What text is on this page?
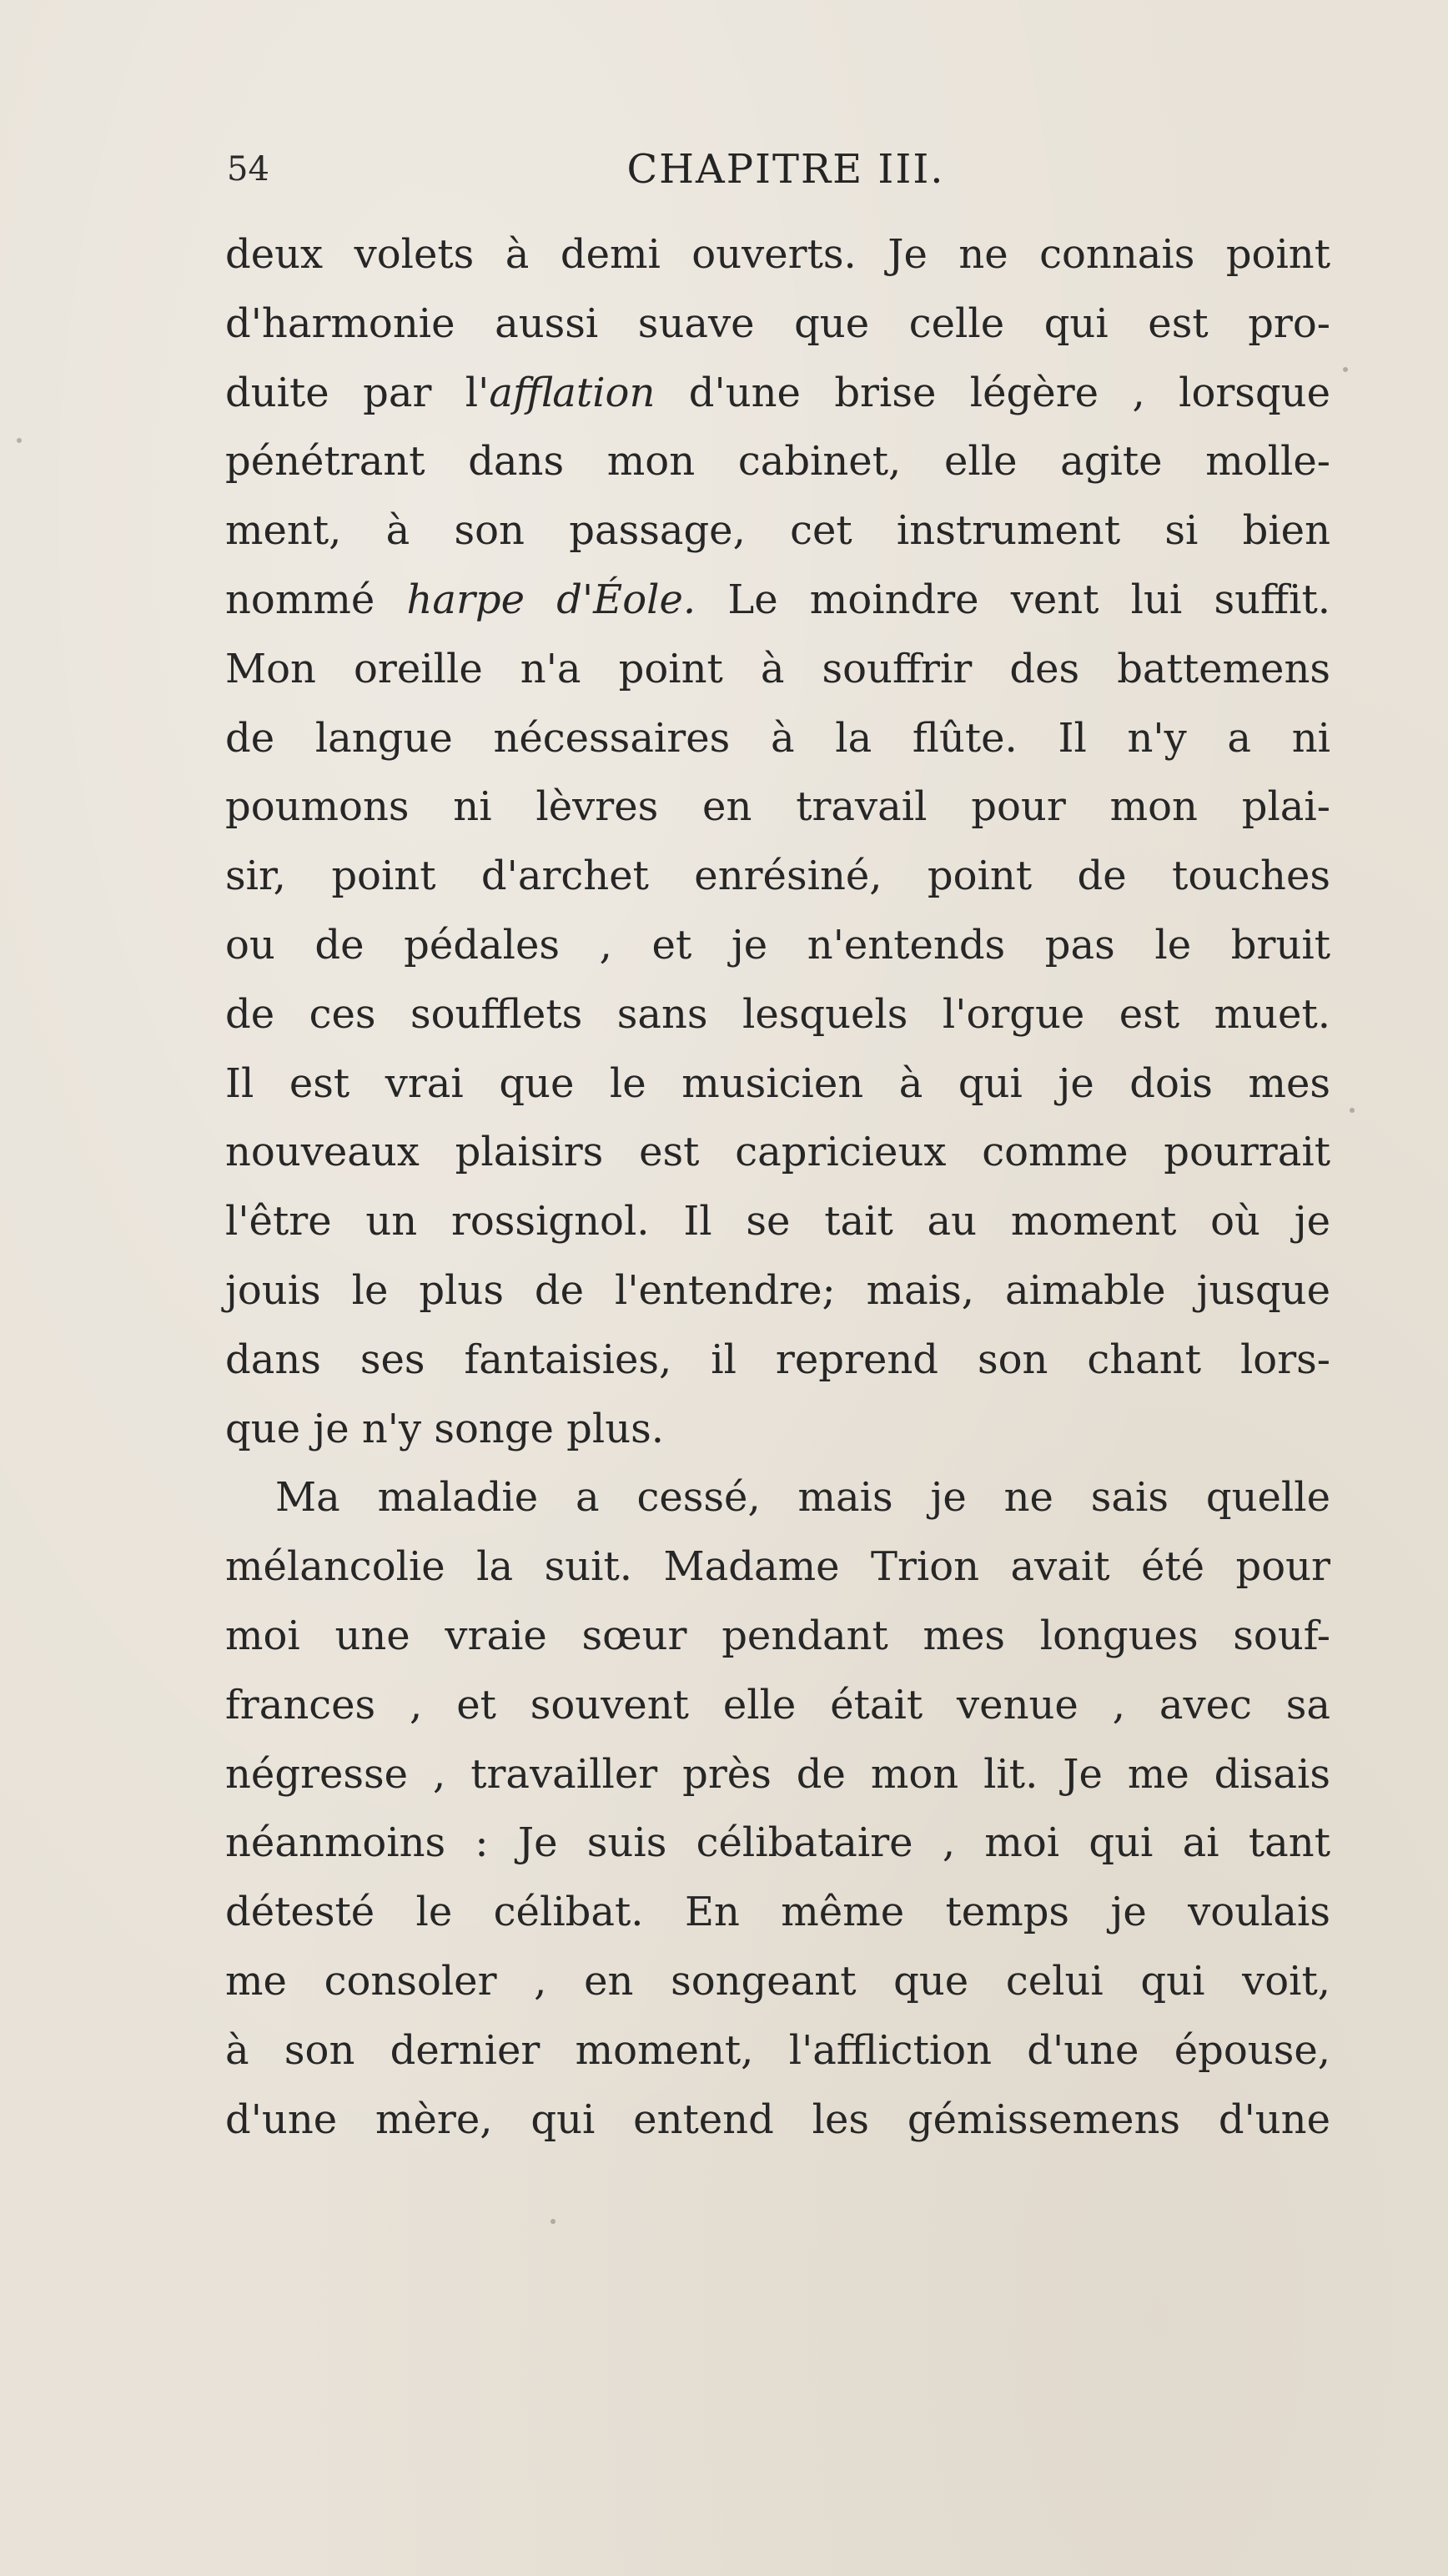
54	CHAPITRE III.
deux volets à demi ouverts. Je ne connais point
d'harmonie aussi suave que celle qui est pro-
duite par l'afflation d'une brise légère , lorsque
pénétrant dans mon cabinet, elle agite molle-
ment, à son passage, cet instrument si bien
nommé harpe d'Éole. Le moindre vent lui suffit.
Mon oreille n'a point à souffrir des battemens
de langue nécessaires à la flûte. Il n'y a ni
poumons ni lèvres en travail pour mon plai-
sir, point d'archet enrésiné, point de touches
ou de pédales , et je n'entends pas le bruit
de ces soufflets sans lesquels l'orgue est muet.
Il est vrai que le musicien à qui je dois mes
nouveaux plaisirs est capricieux comme pourrait
l'être un rossignol. Il se tait au moment où je
jouis le plus de l'entendre; mais, aimable jusque
dans ses fantaisies, il reprend son chant lors-
que je n'y songe plus.
Ma maladie a cessé, mais je ne sais quelle
mélancolie la suit. Madame Trion avait été pour
moi une vraie sœur pendant mes longues souf-
frances , et souvent elle était venue , avec sa
négresse , travailler près de mon lit. Je me disais
néanmoins : Je suis célibataire , moi qui ai tant
détesté le célibat. En même temps je voulais
me consoler , en songeant que celui qui voit,
à son dernier moment, l'affliction d'une épouse,
d'une mère, qui entend les gémissemens d'une
